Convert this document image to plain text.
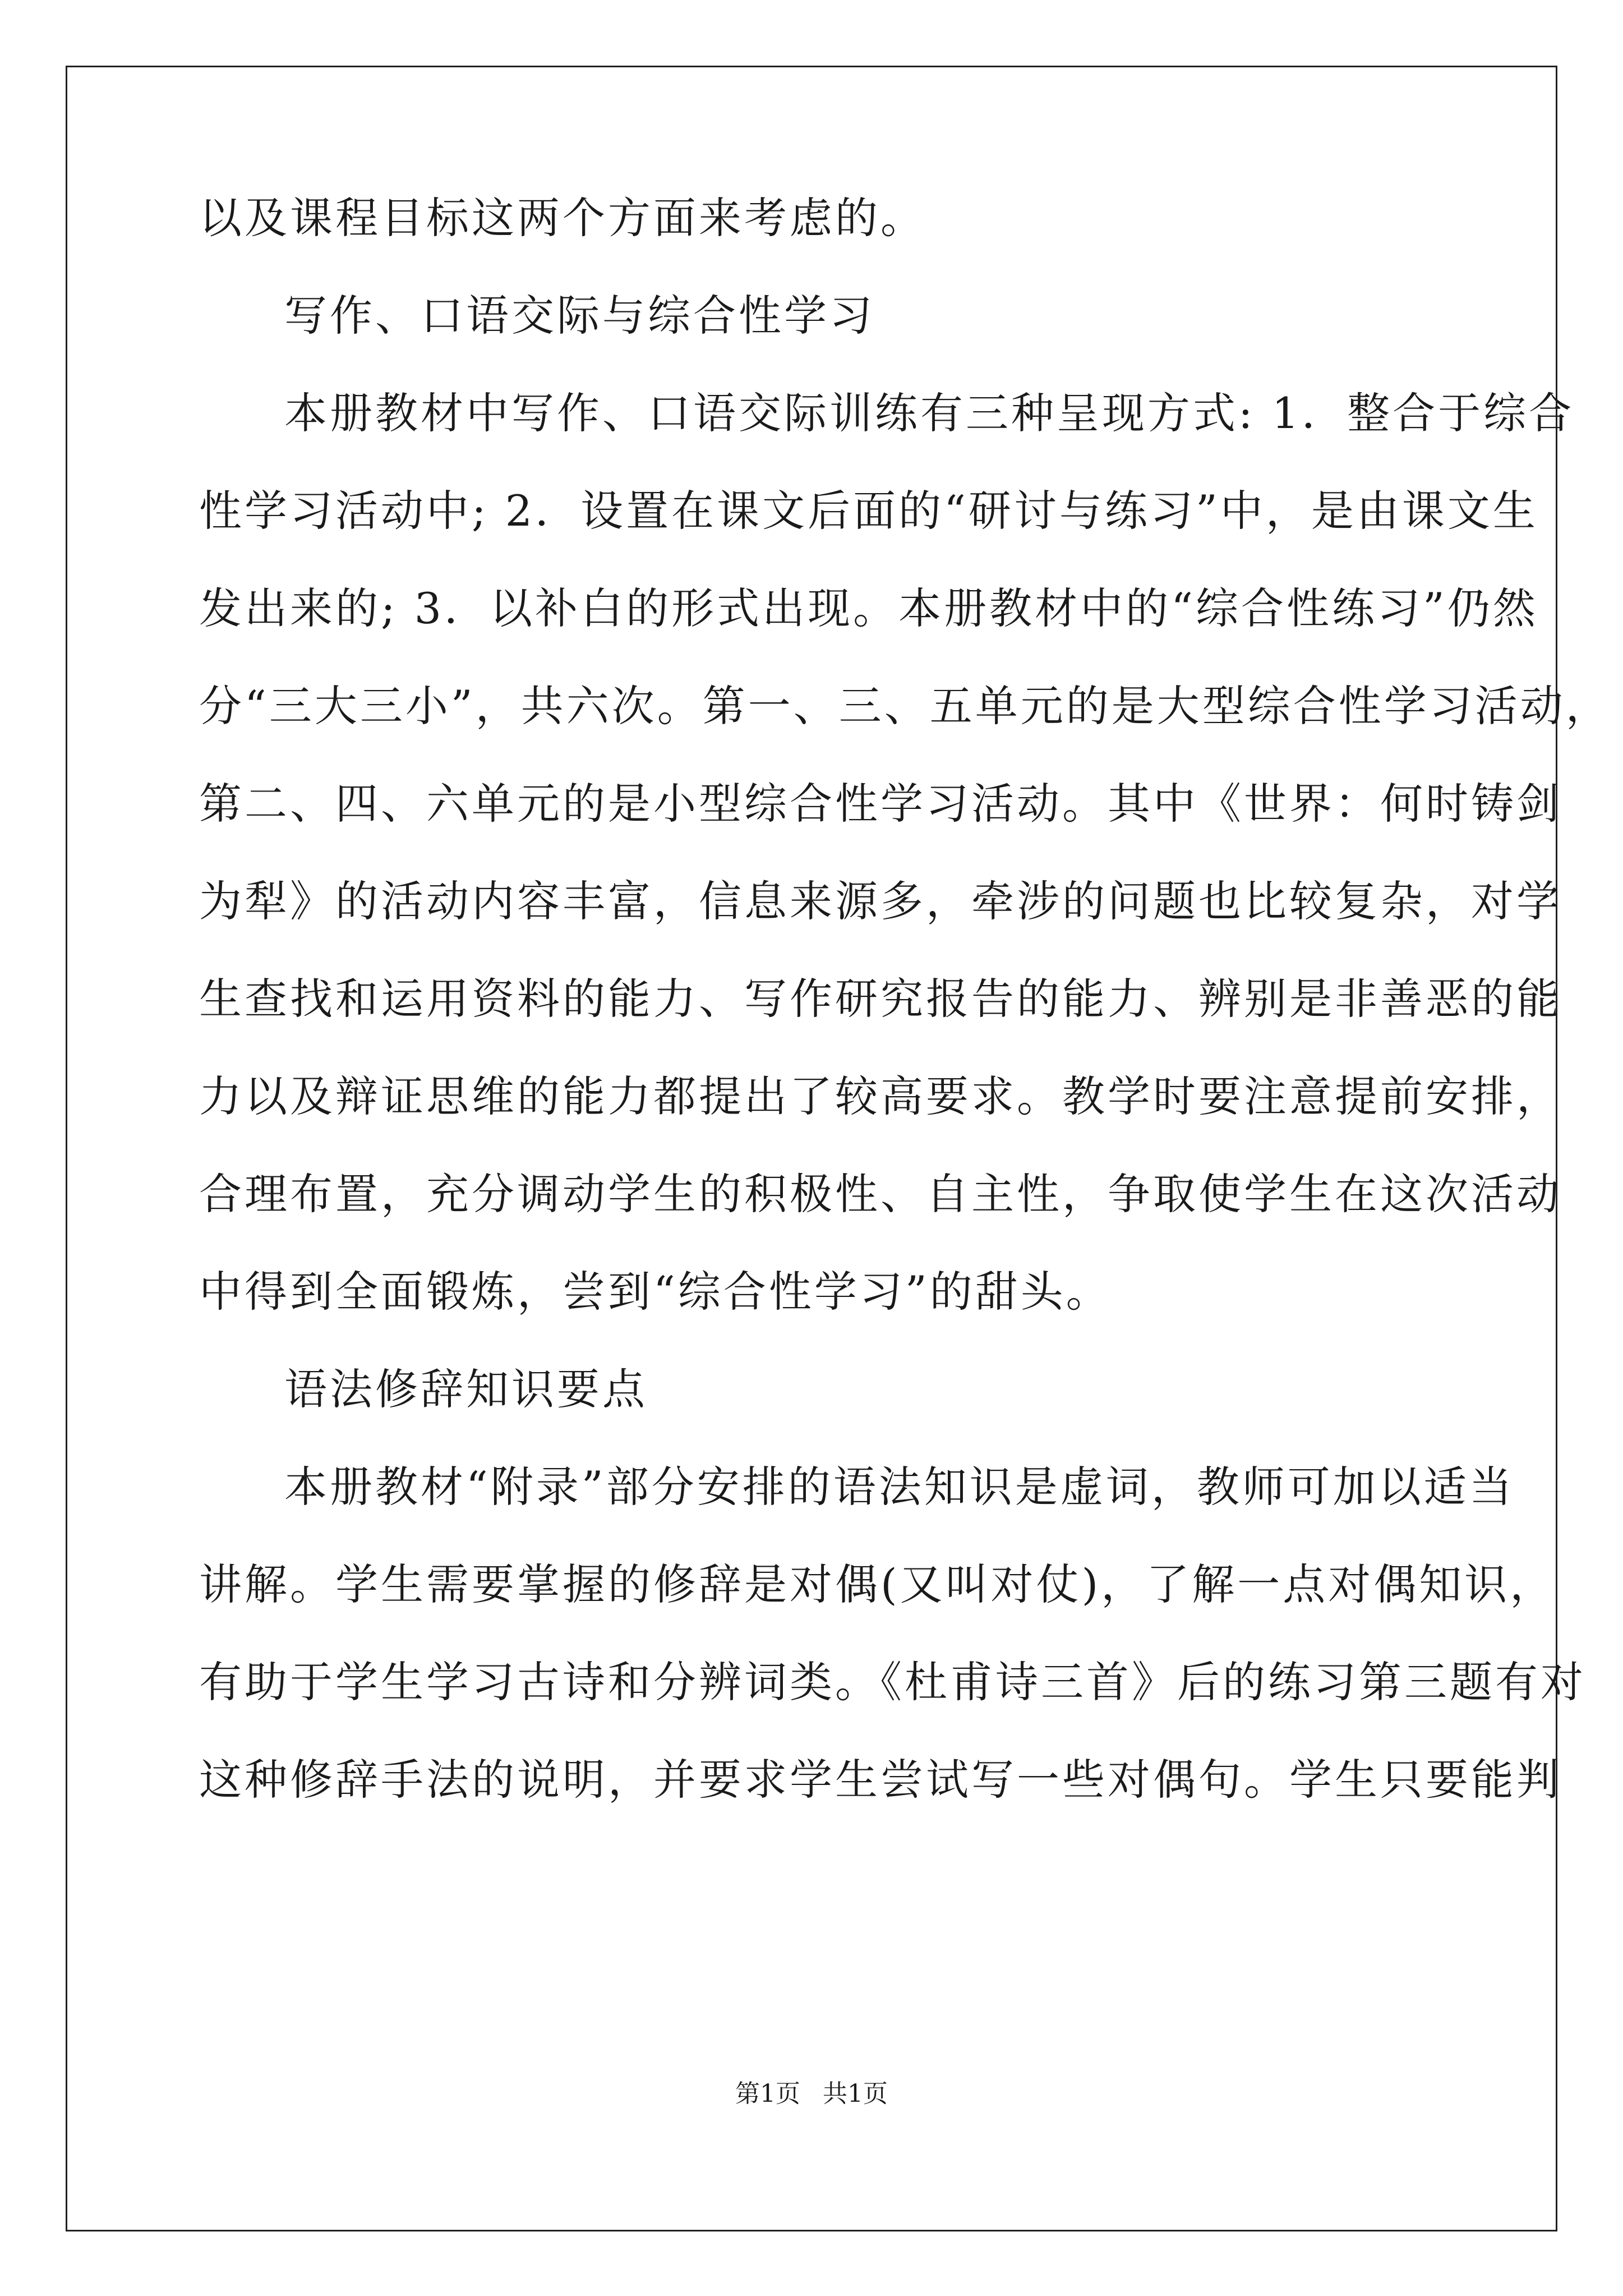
以及课程目标这两个方面来考虑的。
写作、口语交际与综合性学习
本册教材中写作、口语交际训练有三种呈现方式: 1．整合于综合
性学习活动中; 2．设置在课文后面的“研讨与练习”中，是由课文生
发出来的; 3．以补白的形式出现。本册教材中的“综合性练习”仍然
分“三大三小”，共六次。第一、三、五单元的是大型综合性学习活动，
第二、四、六单元的是小型综合性学习活动。其中《世界：何时铸剑
为犁》的活动内容丰富，信息来源多，牵涉的问题也比较复杂，对学
生查找和运用资料的能力、写作研究报告的能力、辨别是非善恶的能
力以及辩证思维的能力都提出了较高要求。教学时要注意提前安排，
合理布置，充分调动学生的积极性、自主性，争取使学生在这次活动
中得到全面锻炼，尝到“综合性学习”的甜头。
语法修辞知识要点
本册教材“附录”部分安排的语法知识是虚词，教师可加以适当
讲解。学生需要掌握的修辞是对偶(又叫对仗)，了解一点对偶知识，
有助于学生学习古诗和分辨词类。《杜甫诗三首》后的练习第三题有对
这种修辞手法的说明，并要求学生尝试写一些对偶句。学生只要能判
第1页 共1页
